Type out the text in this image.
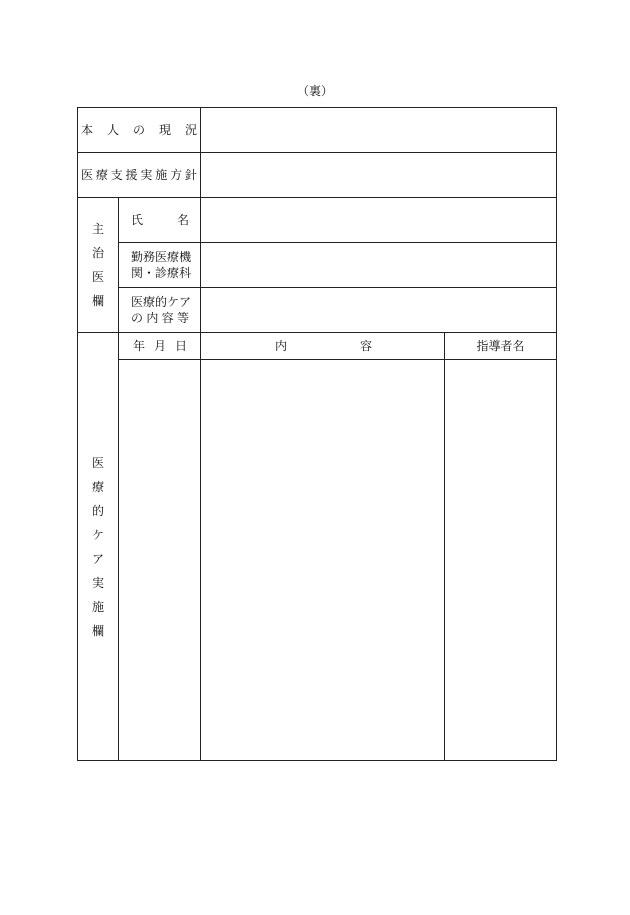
（裏）
本 人 の 現 況
医 療 支 援 実 施 方 針
主
治
医
欄
氏	名
勤 務 医 療 機
関 ・ 診 療 科
医 療 的 ケ ア
の 内 容 等
医
療
的
ケ
ア
実
施
欄
年 月 日	内	容	指導者名
